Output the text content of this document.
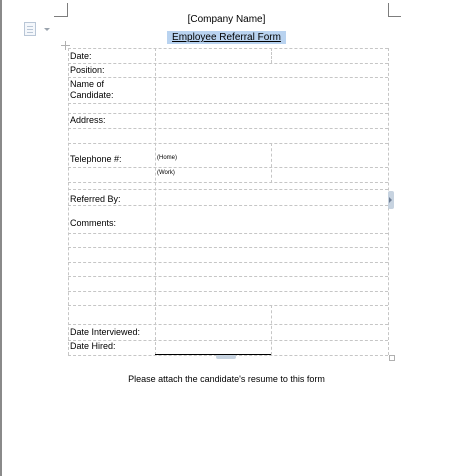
[Company Name]
Employee Referral Form
Date:
Position:
Name of
Candidate:
Address:
Telephone #:	(Home)
(Work)
Referred By:
Comments:
Date Interviewed:
Date Hired:
Please attach the candidate's resume to this form
